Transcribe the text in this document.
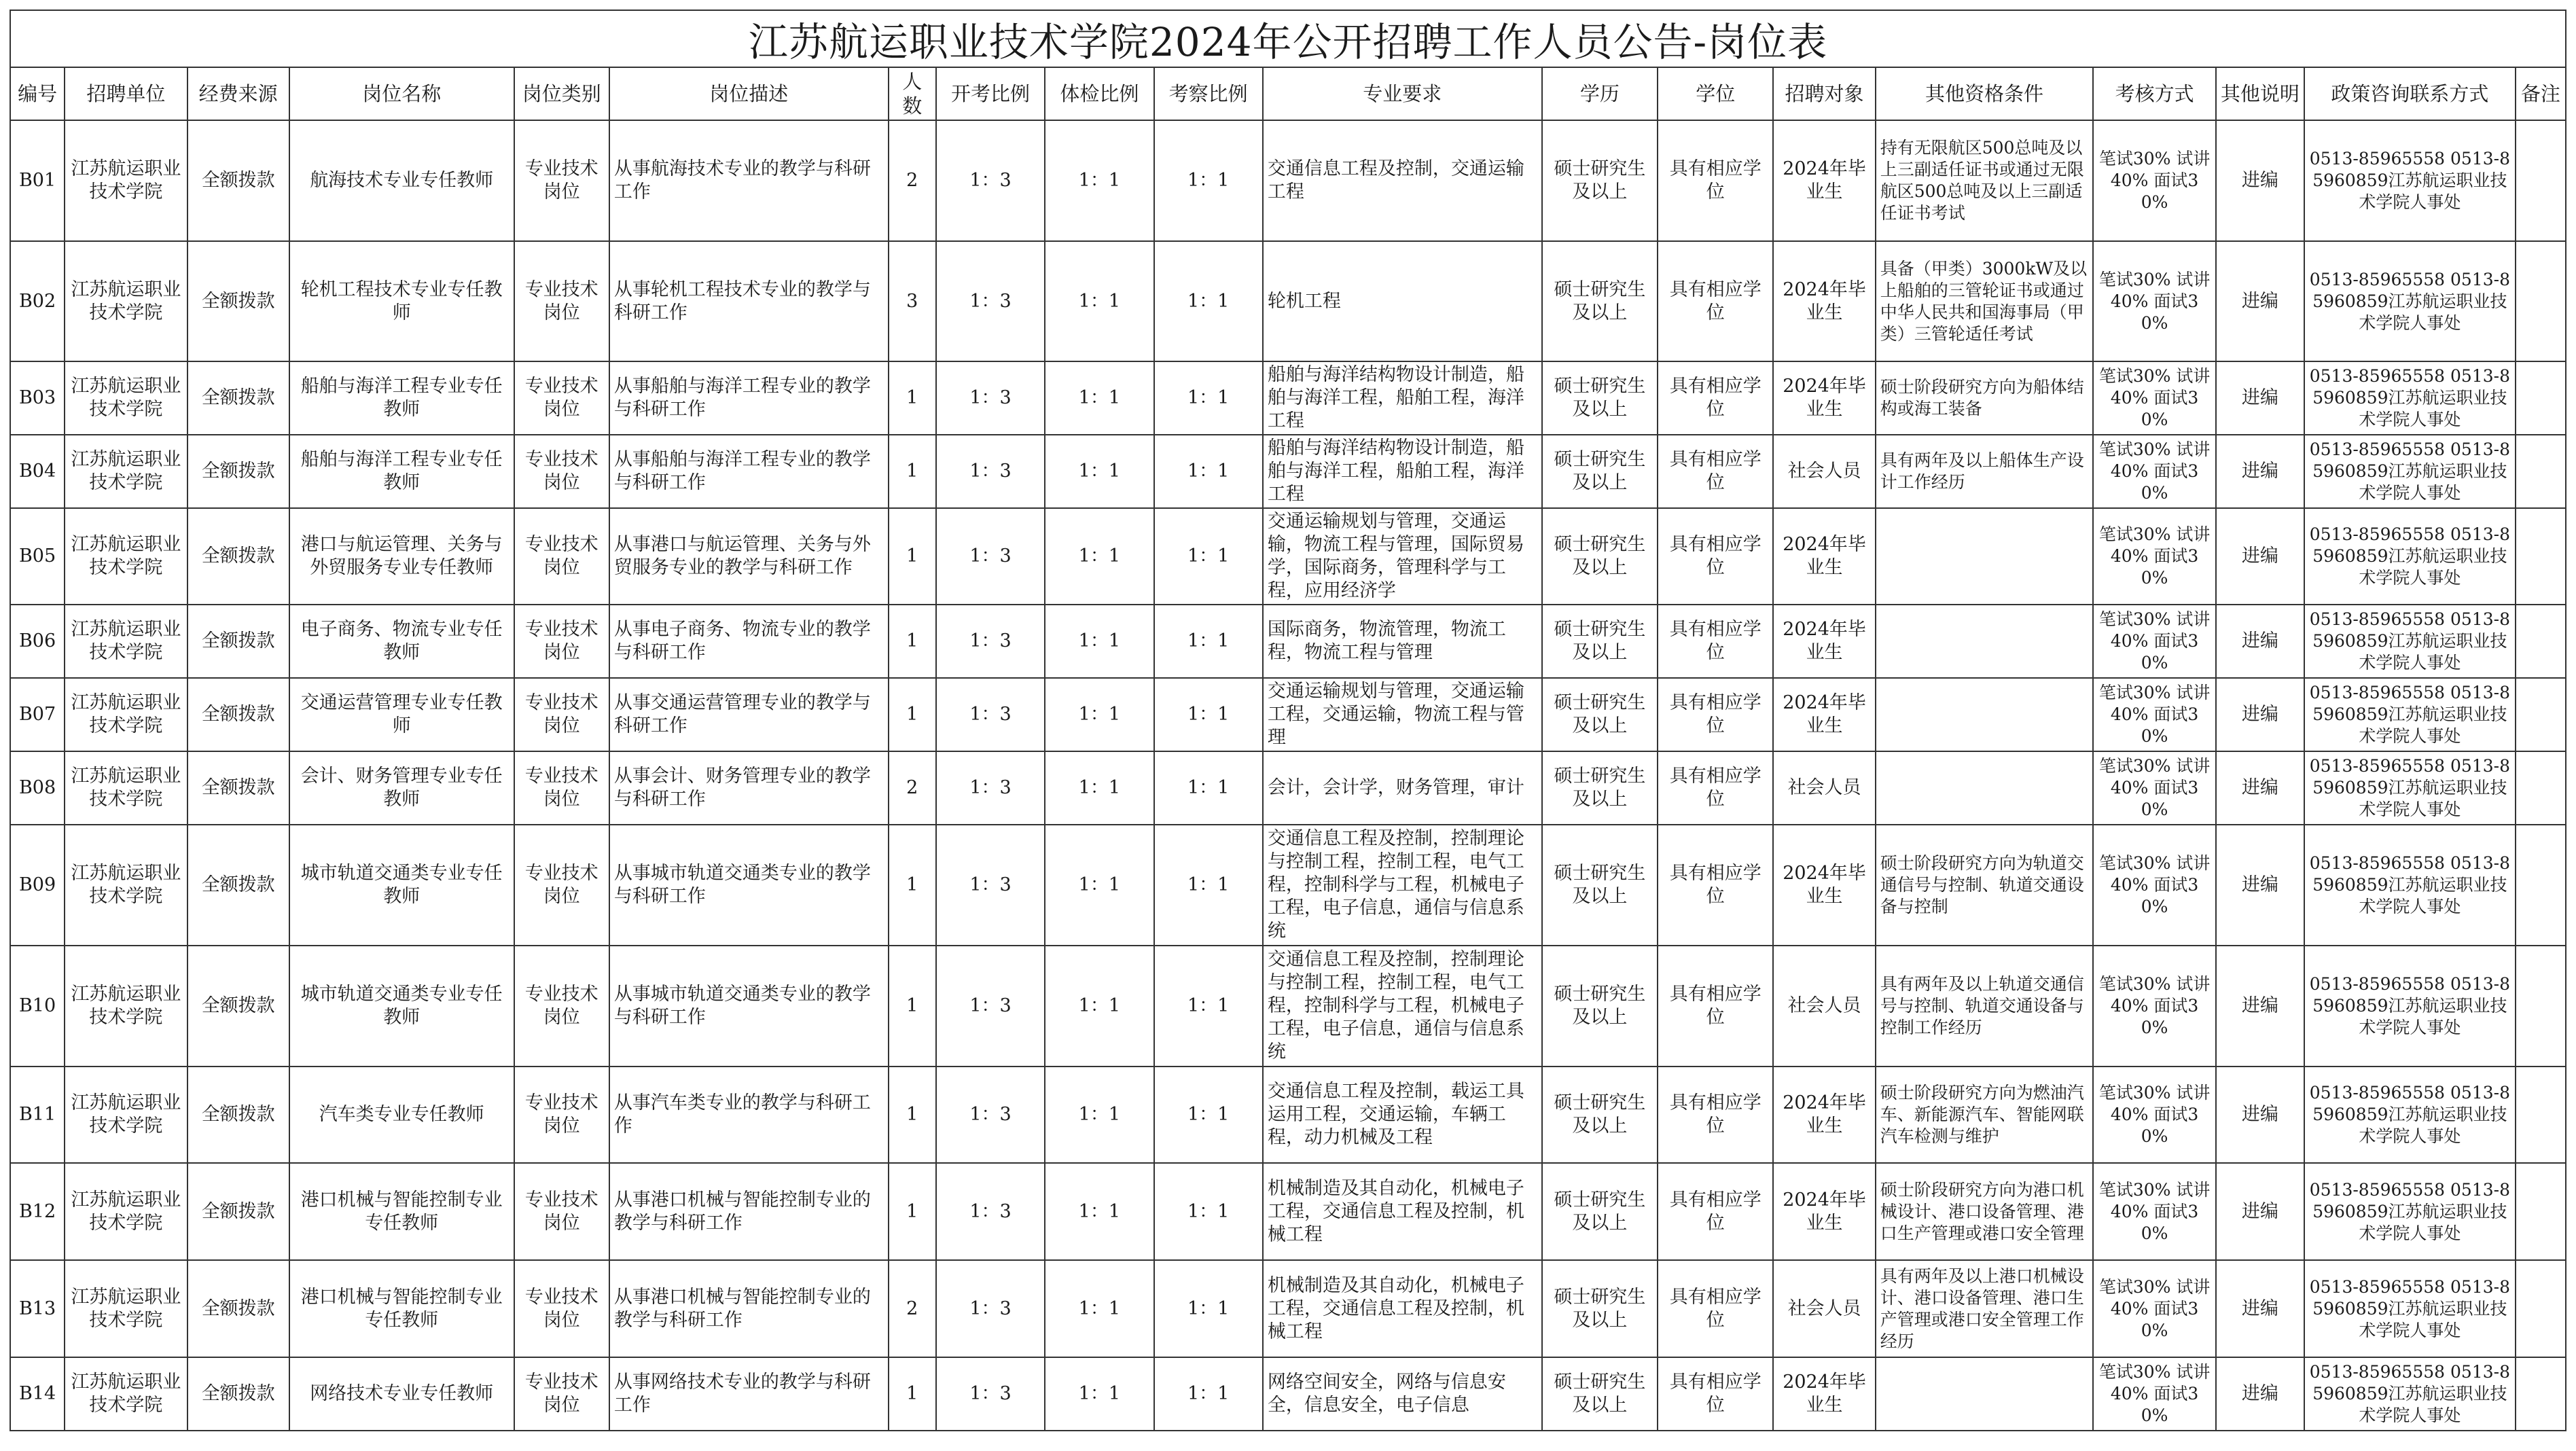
江苏航运职业技术学院2024年公开招聘工作人员公告-岗位表
编号	招聘单位	经费来源	岗位名称	岗位类别	岗位描述	人数	开考比例	体检比例	考察比例	专业要求	学历	学位	招聘对象	其他资格条件	考核方式	其他说明	政策咨询联系方式	备注
B01	江苏航运职业技术学院	全额拨款	航海技术专业专任教师	专业技术岗位	从事航海技术专业的教学与科研工作	2	1：3	1：1	1：1	交通信息工程及控制，交通运输工程	硕士研究生及以上	具有相应学位	2024年毕业生	持有无限航区500总吨及以上三副适任证书或通过无限航区500总吨及以上三副适任证书考试	笔试30% 试讲40% 面试30%	进编	0513-85965558 0513-85960859江苏航运职业技术学院人事处	
B02	江苏航运职业技术学院	全额拨款	轮机工程技术专业专任教师	专业技术岗位	从事轮机工程技术专业的教学与科研工作	3	1：3	1：1	1：1	轮机工程	硕士研究生及以上	具有相应学位	2024年毕业生	具备（甲类）3000kW及以上船舶的三管轮证书或通过中华人民共和国海事局（甲类）三管轮适任考试	笔试30% 试讲40% 面试30%	进编	0513-85965558 0513-85960859江苏航运职业技术学院人事处	
B03	江苏航运职业技术学院	全额拨款	船舶与海洋工程专业专任教师	专业技术岗位	从事船舶与海洋工程专业的教学与科研工作	1	1：3	1：1	1：1	船舶与海洋结构物设计制造，船舶与海洋工程，船舶工程，海洋工程	硕士研究生及以上	具有相应学位	2024年毕业生	硕士阶段研究方向为船体结构或海工装备	笔试30% 试讲40% 面试30%	进编	0513-85965558 0513-85960859江苏航运职业技术学院人事处	
B04	江苏航运职业技术学院	全额拨款	船舶与海洋工程专业专任教师	专业技术岗位	从事船舶与海洋工程专业的教学与科研工作	1	1：3	1：1	1：1	船舶与海洋结构物设计制造，船舶与海洋工程，船舶工程，海洋工程	硕士研究生及以上	具有相应学位	社会人员	具有两年及以上船体生产设计工作经历	笔试30% 试讲40% 面试30%	进编	0513-85965558 0513-85960859江苏航运职业技术学院人事处	
B05	江苏航运职业技术学院	全额拨款	港口与航运管理、关务与外贸服务专业专任教师	专业技术岗位	从事港口与航运管理、关务与外贸服务专业的教学与科研工作	1	1：3	1：1	1：1	交通运输规划与管理，交通运输，物流工程与管理，国际贸易学，国际商务，管理科学与工程，应用经济学	硕士研究生及以上	具有相应学位	2024年毕业生		笔试30% 试讲40% 面试30%	进编	0513-85965558 0513-85960859江苏航运职业技术学院人事处	
B06	江苏航运职业技术学院	全额拨款	电子商务、物流专业专任教师	专业技术岗位	从事电子商务、物流专业的教学与科研工作	1	1：3	1：1	1：1	国际商务，物流管理，物流工程，物流工程与管理	硕士研究生及以上	具有相应学位	2024年毕业生		笔试30% 试讲40% 面试30%	进编	0513-85965558 0513-85960859江苏航运职业技术学院人事处	
B07	江苏航运职业技术学院	全额拨款	交通运营管理专业专任教师	专业技术岗位	从事交通运营管理专业的教学与科研工作	1	1：3	1：1	1：1	交通运输规划与管理，交通运输工程，交通运输，物流工程与管理	硕士研究生及以上	具有相应学位	2024年毕业生		笔试30% 试讲40% 面试30%	进编	0513-85965558 0513-85960859江苏航运职业技术学院人事处	
B08	江苏航运职业技术学院	全额拨款	会计、财务管理专业专任教师	专业技术岗位	从事会计、财务管理专业的教学与科研工作	2	1：3	1：1	1：1	会计，会计学，财务管理，审计	硕士研究生及以上	具有相应学位	社会人员		笔试30% 试讲40% 面试30%	进编	0513-85965558 0513-85960859江苏航运职业技术学院人事处	
B09	江苏航运职业技术学院	全额拨款	城市轨道交通类专业专任教师	专业技术岗位	从事城市轨道交通类专业的教学与科研工作	1	1：3	1：1	1：1	交通信息工程及控制，控制理论与控制工程，控制工程，电气工程，控制科学与工程，机械电子工程，电子信息，通信与信息系统	硕士研究生及以上	具有相应学位	2024年毕业生	硕士阶段研究方向为轨道交通信号与控制、轨道交通设备与控制	笔试30% 试讲40% 面试30%	进编	0513-85965558 0513-85960859江苏航运职业技术学院人事处	
B10	江苏航运职业技术学院	全额拨款	城市轨道交通类专业专任教师	专业技术岗位	从事城市轨道交通类专业的教学与科研工作	1	1：3	1：1	1：1	交通信息工程及控制，控制理论与控制工程，控制工程，电气工程，控制科学与工程，机械电子工程，电子信息，通信与信息系统	硕士研究生及以上	具有相应学位	社会人员	具有两年及以上轨道交通信号与控制、轨道交通设备与控制工作经历	笔试30% 试讲40% 面试30%	进编	0513-85965558 0513-85960859江苏航运职业技术学院人事处	
B11	江苏航运职业技术学院	全额拨款	汽车类专业专任教师	专业技术岗位	从事汽车类专业的教学与科研工作	1	1：3	1：1	1：1	交通信息工程及控制，载运工具运用工程，交通运输，车辆工程，动力机械及工程	硕士研究生及以上	具有相应学位	2024年毕业生	硕士阶段研究方向为燃油汽车、新能源汽车、智能网联汽车检测与维护	笔试30% 试讲40% 面试30%	进编	0513-85965558 0513-85960859江苏航运职业技术学院人事处	
B12	江苏航运职业技术学院	全额拨款	港口机械与智能控制专业专任教师	专业技术岗位	从事港口机械与智能控制专业的教学与科研工作	1	1：3	1：1	1：1	机械制造及其自动化，机械电子工程，交通信息工程及控制，机械工程	硕士研究生及以上	具有相应学位	2024年毕业生	硕士阶段研究方向为港口机械设计、港口设备管理、港口生产管理或港口安全管理	笔试30% 试讲40% 面试30%	进编	0513-85965558 0513-85960859江苏航运职业技术学院人事处	
B13	江苏航运职业技术学院	全额拨款	港口机械与智能控制专业专任教师	专业技术岗位	从事港口机械与智能控制专业的教学与科研工作	2	1：3	1：1	1：1	机械制造及其自动化，机械电子工程，交通信息工程及控制，机械工程	硕士研究生及以上	具有相应学位	社会人员	具有两年及以上港口机械设计、港口设备管理、港口生产管理或港口安全管理工作经历	笔试30% 试讲40% 面试30%	进编	0513-85965558 0513-85960859江苏航运职业技术学院人事处	
B14	江苏航运职业技术学院	全额拨款	网络技术专业专任教师	专业技术岗位	从事网络技术专业的教学与科研工作	1	1：3	1：1	1：1	网络空间安全，网络与信息安全，信息安全，电子信息	硕士研究生及以上	具有相应学位	2024年毕业生		笔试30% 试讲40% 面试30%	进编	0513-85965558 0513-85960859江苏航运职业技术学院人事处	
